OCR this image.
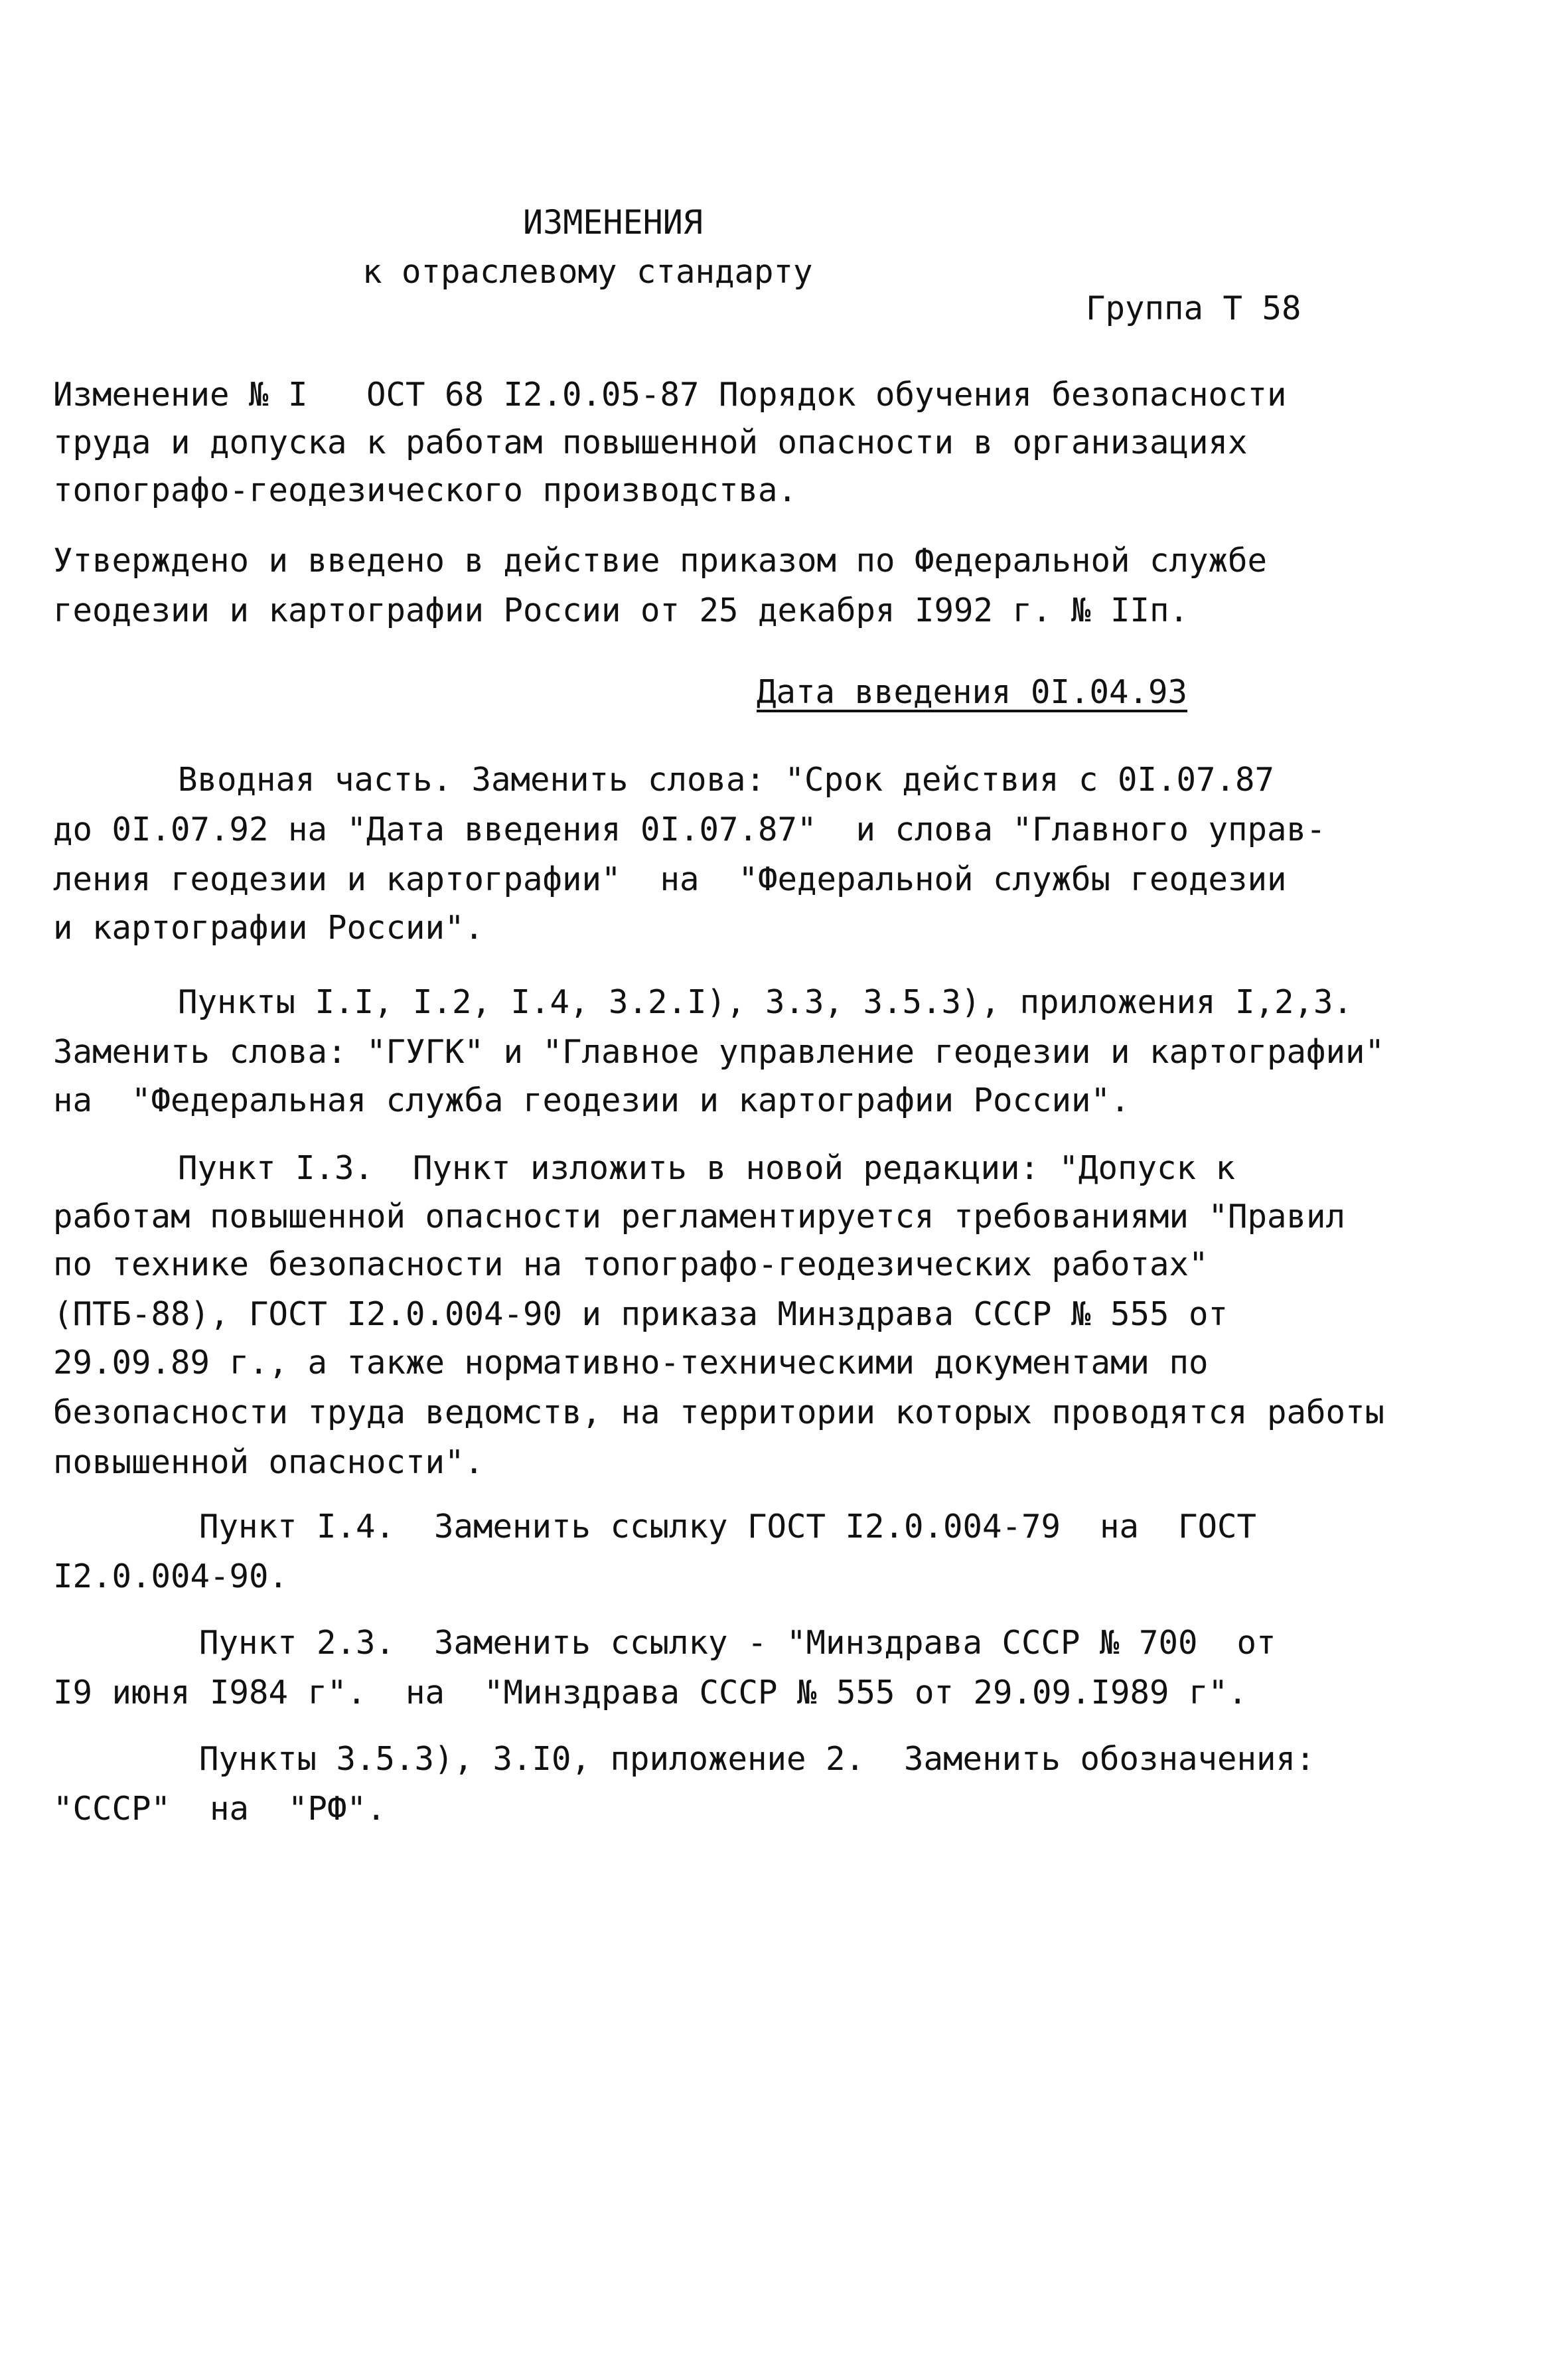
ИЗМЕНЕНИЯ
к отраслевому стандарту
Группа Т 58
Изменение № I   ОСТ 68 I2.0.05-87 Порядок обучения безопасности
труда и допуска к работам повышенной опасности в организациях
топографо-геодезического производства.
Утверждено и введено в действие приказом по Федеральной службе
геодезии и картографии России от 25 декабря I992 г. № IIп.
Дата введения 0I.04.93
Вводная часть. Заменить слова: "Срок действия с 0I.07.87
до 0I.07.92 на "Дата введения 0I.07.87"  и слова "Главного управ-
ления геодезии и картографии"  на  "Федеральной службы геодезии
и картографии России".
Пункты I.I, I.2, I.4, 3.2.I), 3.3, 3.5.3), приложения I,2,3.
Заменить слова: "ГУГК" и "Главное управление геодезии и картографии"
на  "Федеральная служба геодезии и картографии России".
Пункт I.3.  Пункт изложить в новой редакции: "Допуск к
работам повышенной опасности регламентируется требованиями "Правил
по технике безопасности на топографо-геодезических работах"
(ПТБ-88), ГОСТ I2.0.004-90 и приказа Минздрава СССР № 555 от
29.09.89 г., а также нормативно-техническими документами по
безопасности труда ведомств, на территории которых проводятся работы
повышенной опасности".
Пункт I.4.  Заменить ссылку ГОСТ I2.0.004-79  на  ГОСТ
I2.0.004-90.
Пункт 2.3.  Заменить ссылку - "Минздрава СССР № 700  от
I9 июня I984 г".  на  "Минздрава СССР № 555 от 29.09.I989 г".
Пункты 3.5.3), 3.I0, приложение 2.  Заменить обозначения:
"СССР"  на  "РФ".
